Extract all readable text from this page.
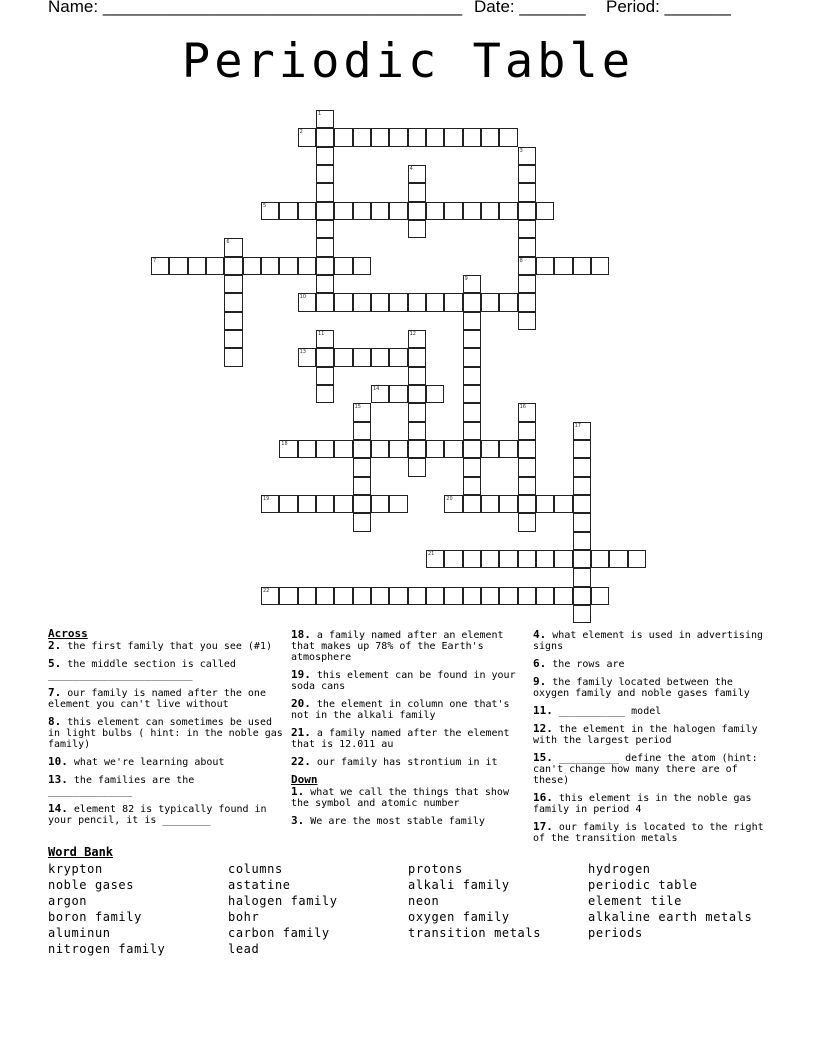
Name: ______________________________________ Date: _______ Period: _______
Periodic Table
1
2
3
8
4
5
6
7
9
10
11	12
13
14
15	16
17
18
19	20
21
22
Across
2. the first family that you see (#1)
5. the middle section is called ________________________
7. our family is named after the one element you can't live without
8. this element can sometimes be used in light bulbs ( hint: in the noble gas family)
10. what we're learning about
13. the families are the ______________
14. element 82 is typically found in your pencil, it is ________
18. a family named after an element that makes up 78% of the Earth's atmosphere
19. this element can be found in your soda cans
20. the element in column one that's not in the alkali family
21. a family named after the element that is 12.011 au
22. our family has strontium in it
Down
1. what we call the things that show the symbol and atomic number
3. We are the most stable family
4. what element is used in advertising signs
6. the rows are
9. the family located between the oxygen family and noble gases family
11. ___________ model
12. the element in the halogen family with the largest period
15. __________ define the atom (hint: can't change how many there are of these)
16. this element is in the noble gas family in period 4
17. our family is located to the right of the transition metals
Word Bank
krypton
noble gases
argon
boron family
aluminun
nitrogen family
columns
astatine
halogen family
bohr
carbon family
lead
protons
alkali family
neon
oxygen family
transition metals
hydrogen
periodic table
element tile
alkaline earth metals
periods
